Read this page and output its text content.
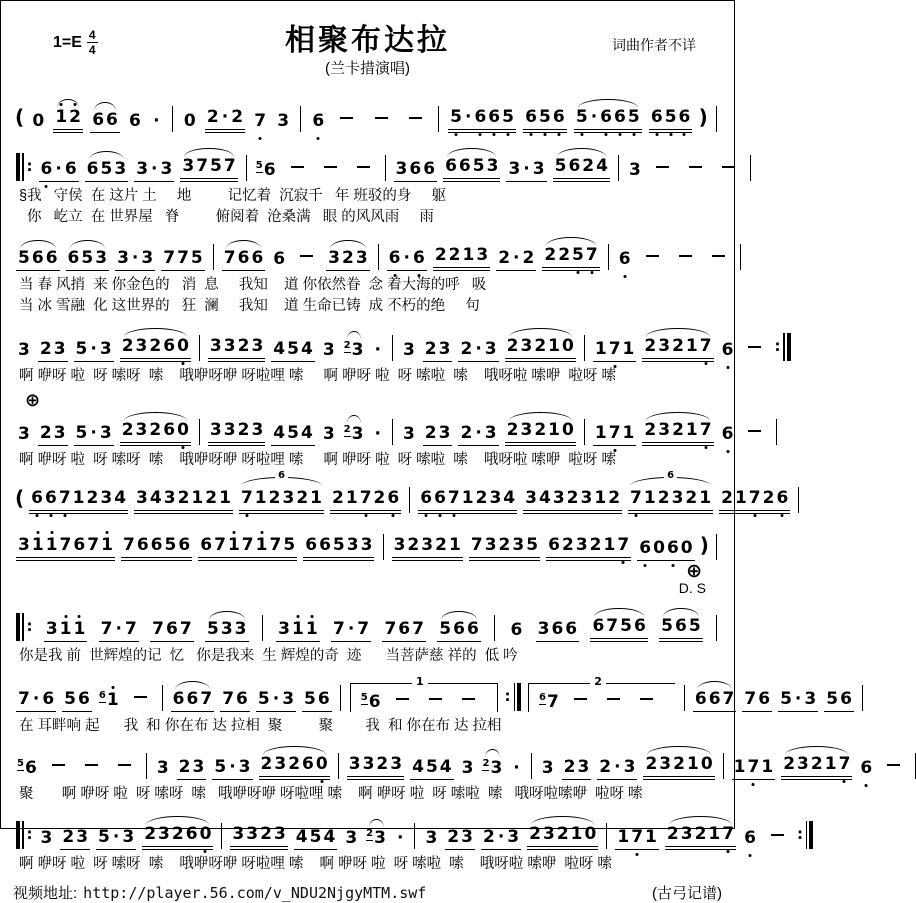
$1=E \frac{4}{4}$	相聚布达拉
(兰卡措演唱)
词曲作者不详
( 0 1 2 6 6 6 · 0 2 · 2 7 3 6	5 · 6 6 5 6 5 6 5 · 6 6 5 6 5 6 )
: 6 · 6 6 5 3 3 · 3 3 7 5 7 56	3 6 6 6 6 5 3 3 · 3 5 6 2 4 3
§我   守侯  在 这片 土     地         记忆着  沉寂千   年 班驳的身     躯
你   屹立  在 世界屋   脊         俯阅着  沧桑满   眼 的风风雨     雨
5 6 6 6 5 3 3 · 3 7 7 5 7 6 6 6	3 2 3 6 · 6 2 2 1 3 2 · 2 2 2 5 7 6
当 春 风捎  来 你金色的   消  息     我知    道 你依然眷  念 着大海的呼   吸
当 冰 雪融  化 这世界的   狂  澜     我知    道 生命已铸  成 不朽的绝     句
3 2 3 5 · 3 2 3 2 6 0 3 3 2 3 4 5 4 3 23 · 3 2 3 2 · 3 2 3 2 1 0 1 7 1 2 3 2 1 7 6	:
啊 咿呀 啦  呀 嗦呀  嗦    哦咿呀咿 呀啦哩 嗦     啊 咿呀 啦  呀 嗦啦  嗦    哦呀啦 嗦咿  啦呀 嗦
⊕
3 2 3 5 · 3 2 3 2 6 0 3 3 2 3 4 5 4 3 23 · 3 2 3 2 · 3 2 3 2 1 0 1 7 1 2 3 2 1 7 6
啊 咿呀 啦  呀 嗦呀  嗦    哦咿呀咿 呀啦哩 嗦     啊 咿呀 啦  呀 嗦啦  嗦    哦呀啦 嗦咿  啦呀 嗦
( 6 6 7 1 2 3 4 3 4 3 2 1 2 1
6
7 1 2 3 2 1 2 1 7 2 6 6 6 7 1 2 3 4 3 4 3 2 3 1 2
6
7 1 2 3 2 1 2 1 7 2 6
3 1 1 7 6 7 1 7 6 6 5 6 6 7 1 7 1 7 5 6 6 5 3 3 3 2 3 2 1 7 3 2 3 5 6 2 3 2 1 7 6 0 6 0 )
⊕
D. S
: 3 1 1 7 · 7 7 6 7 5 3 3 3 1 1 7 · 7 7 6 7 5 6 6 6 3 6 6 6 7 5 6 5 6 5
你是我 前  世辉煌的记  忆   你是我来  生 辉煌的奇  迹      当菩萨慈 祥的  低 吟
7 · 6 5 6 61	6 6 7 7 6 5 · 3 5 6
1
56	:
2
67	6 6 7 7 6 5 · 3 5 6
在 耳畔响 起      我  和 你在布 达 拉相  聚         聚        我  和 你在布 达 拉相
56	3 2 3 5 · 3 2 3 2 6 0 3 3 2 3 4 5 4 3 23 · 3 2 3 2 · 3 2 3 2 1 0 1 7 1 2 3 2 1 7 6
聚       啊 咿呀 啦  呀 嗦呀  嗦   哦咿呀咿 呀啦哩 嗦    啊 咿呀 啦  呀 嗦啦  嗦   哦呀啦嗦咿  啦呀 嗦
: 3 2 3 5 · 3 2 3 2 6 0 3 3 2 3 4 5 4 3 23 · 3 2 3 2 · 3 2 3 2 1 0 1 7 1 2 3 2 1 7 6	:
啊 咿呀 啦  呀 嗦呀  嗦    哦咿呀咿 呀啦哩 嗦    啊 咿呀 啦  呀 嗦啦  嗦    哦呀啦 嗦咿  啦呀 嗦
视频地址: http://player.56.com/v_NDU2NjgyMTM.swf	(古弓记谱)
